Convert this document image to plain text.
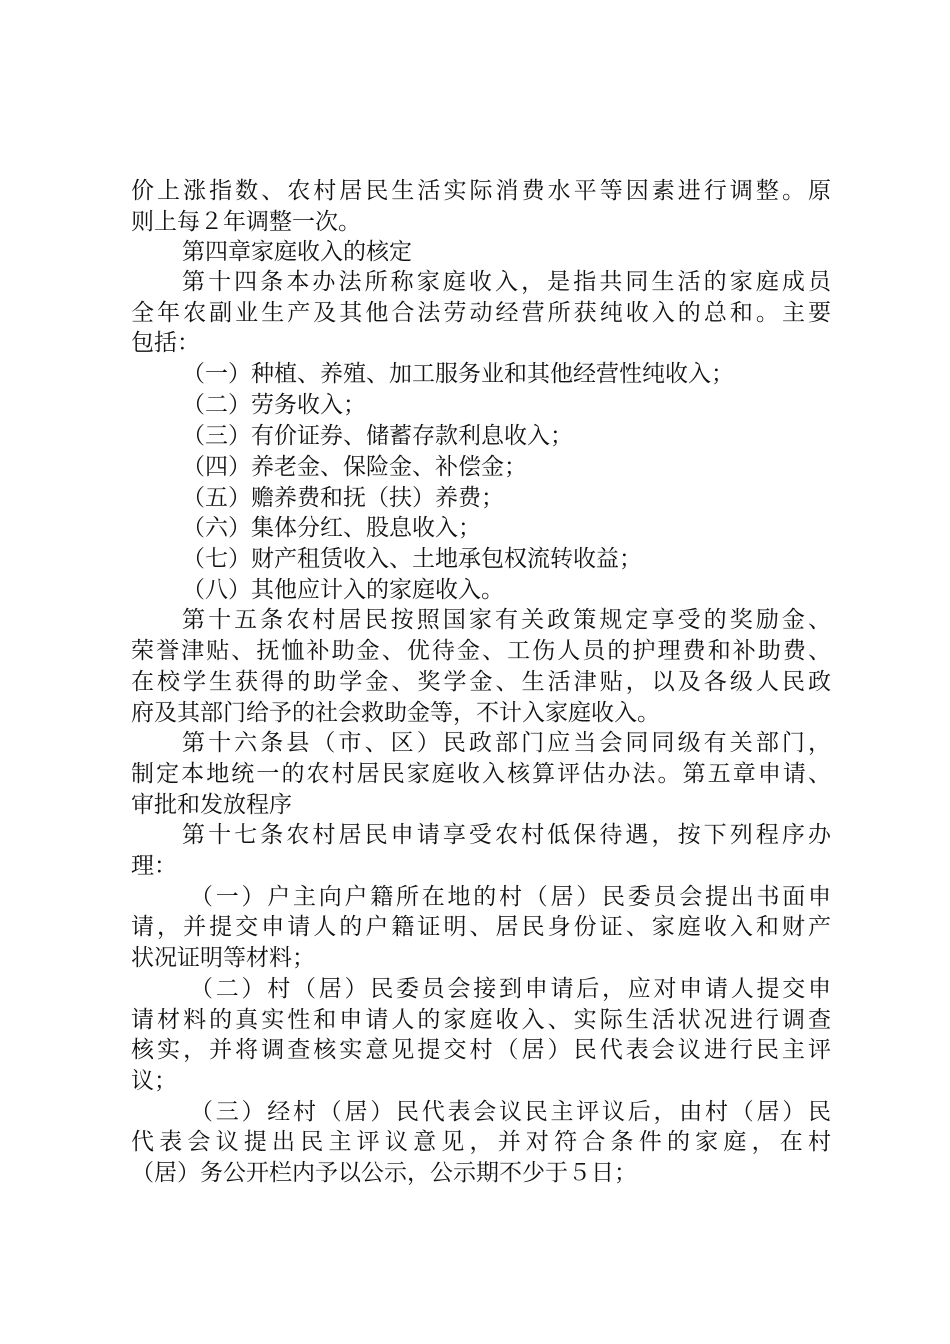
价上涨指数、农村居民生活实际消费水平等因素进行调整。原
则上每２年调整一次。
第四章家庭收入的核定
第十四条本办法所称家庭收入，是指共同生活的家庭成员
全年农副业生产及其他合法劳动经营所获纯收入的总和。主要
包括：
（一）种植、养殖、加工服务业和其他经营性纯收入；
（二）劳务收入；
（三）有价证券、储蓄存款利息收入；
（四）养老金、保险金、补偿金；
（五）赡养费和抚（扶）养费；
（六）集体分红、股息收入；
（七）财产租赁收入、土地承包权流转收益；
（八）其他应计入的家庭收入。
第十五条农村居民按照国家有关政策规定享受的奖励金、
荣誉津贴、抚恤补助金、优待金、工伤人员的护理费和补助费、
在校学生获得的助学金、奖学金、生活津贴，以及各级人民政
府及其部门给予的社会救助金等，不计入家庭收入。
第十六条县（市、区）民政部门应当会同同级有关部门，
制定本地统一的农村居民家庭收入核算评估办法。第五章申请、
审批和发放程序
第十七条农村居民申请享受农村低保待遇，按下列程序办
理：
（一）户主向户籍所在地的村（居）民委员会提出书面申
请，并提交申请人的户籍证明、居民身份证、家庭收入和财产
状况证明等材料；
（二）村（居）民委员会接到申请后，应对申请人提交申
请材料的真实性和申请人的家庭收入、实际生活状况进行调查
核实，并将调查核实意见提交村（居）民代表会议进行民主评
议；
（三）经村（居）民代表会议民主评议后，由村（居）民
代表会议提出民主评议意见，并对符合条件的家庭，在村
（居）务公开栏内予以公示，公示期不少于５日；
